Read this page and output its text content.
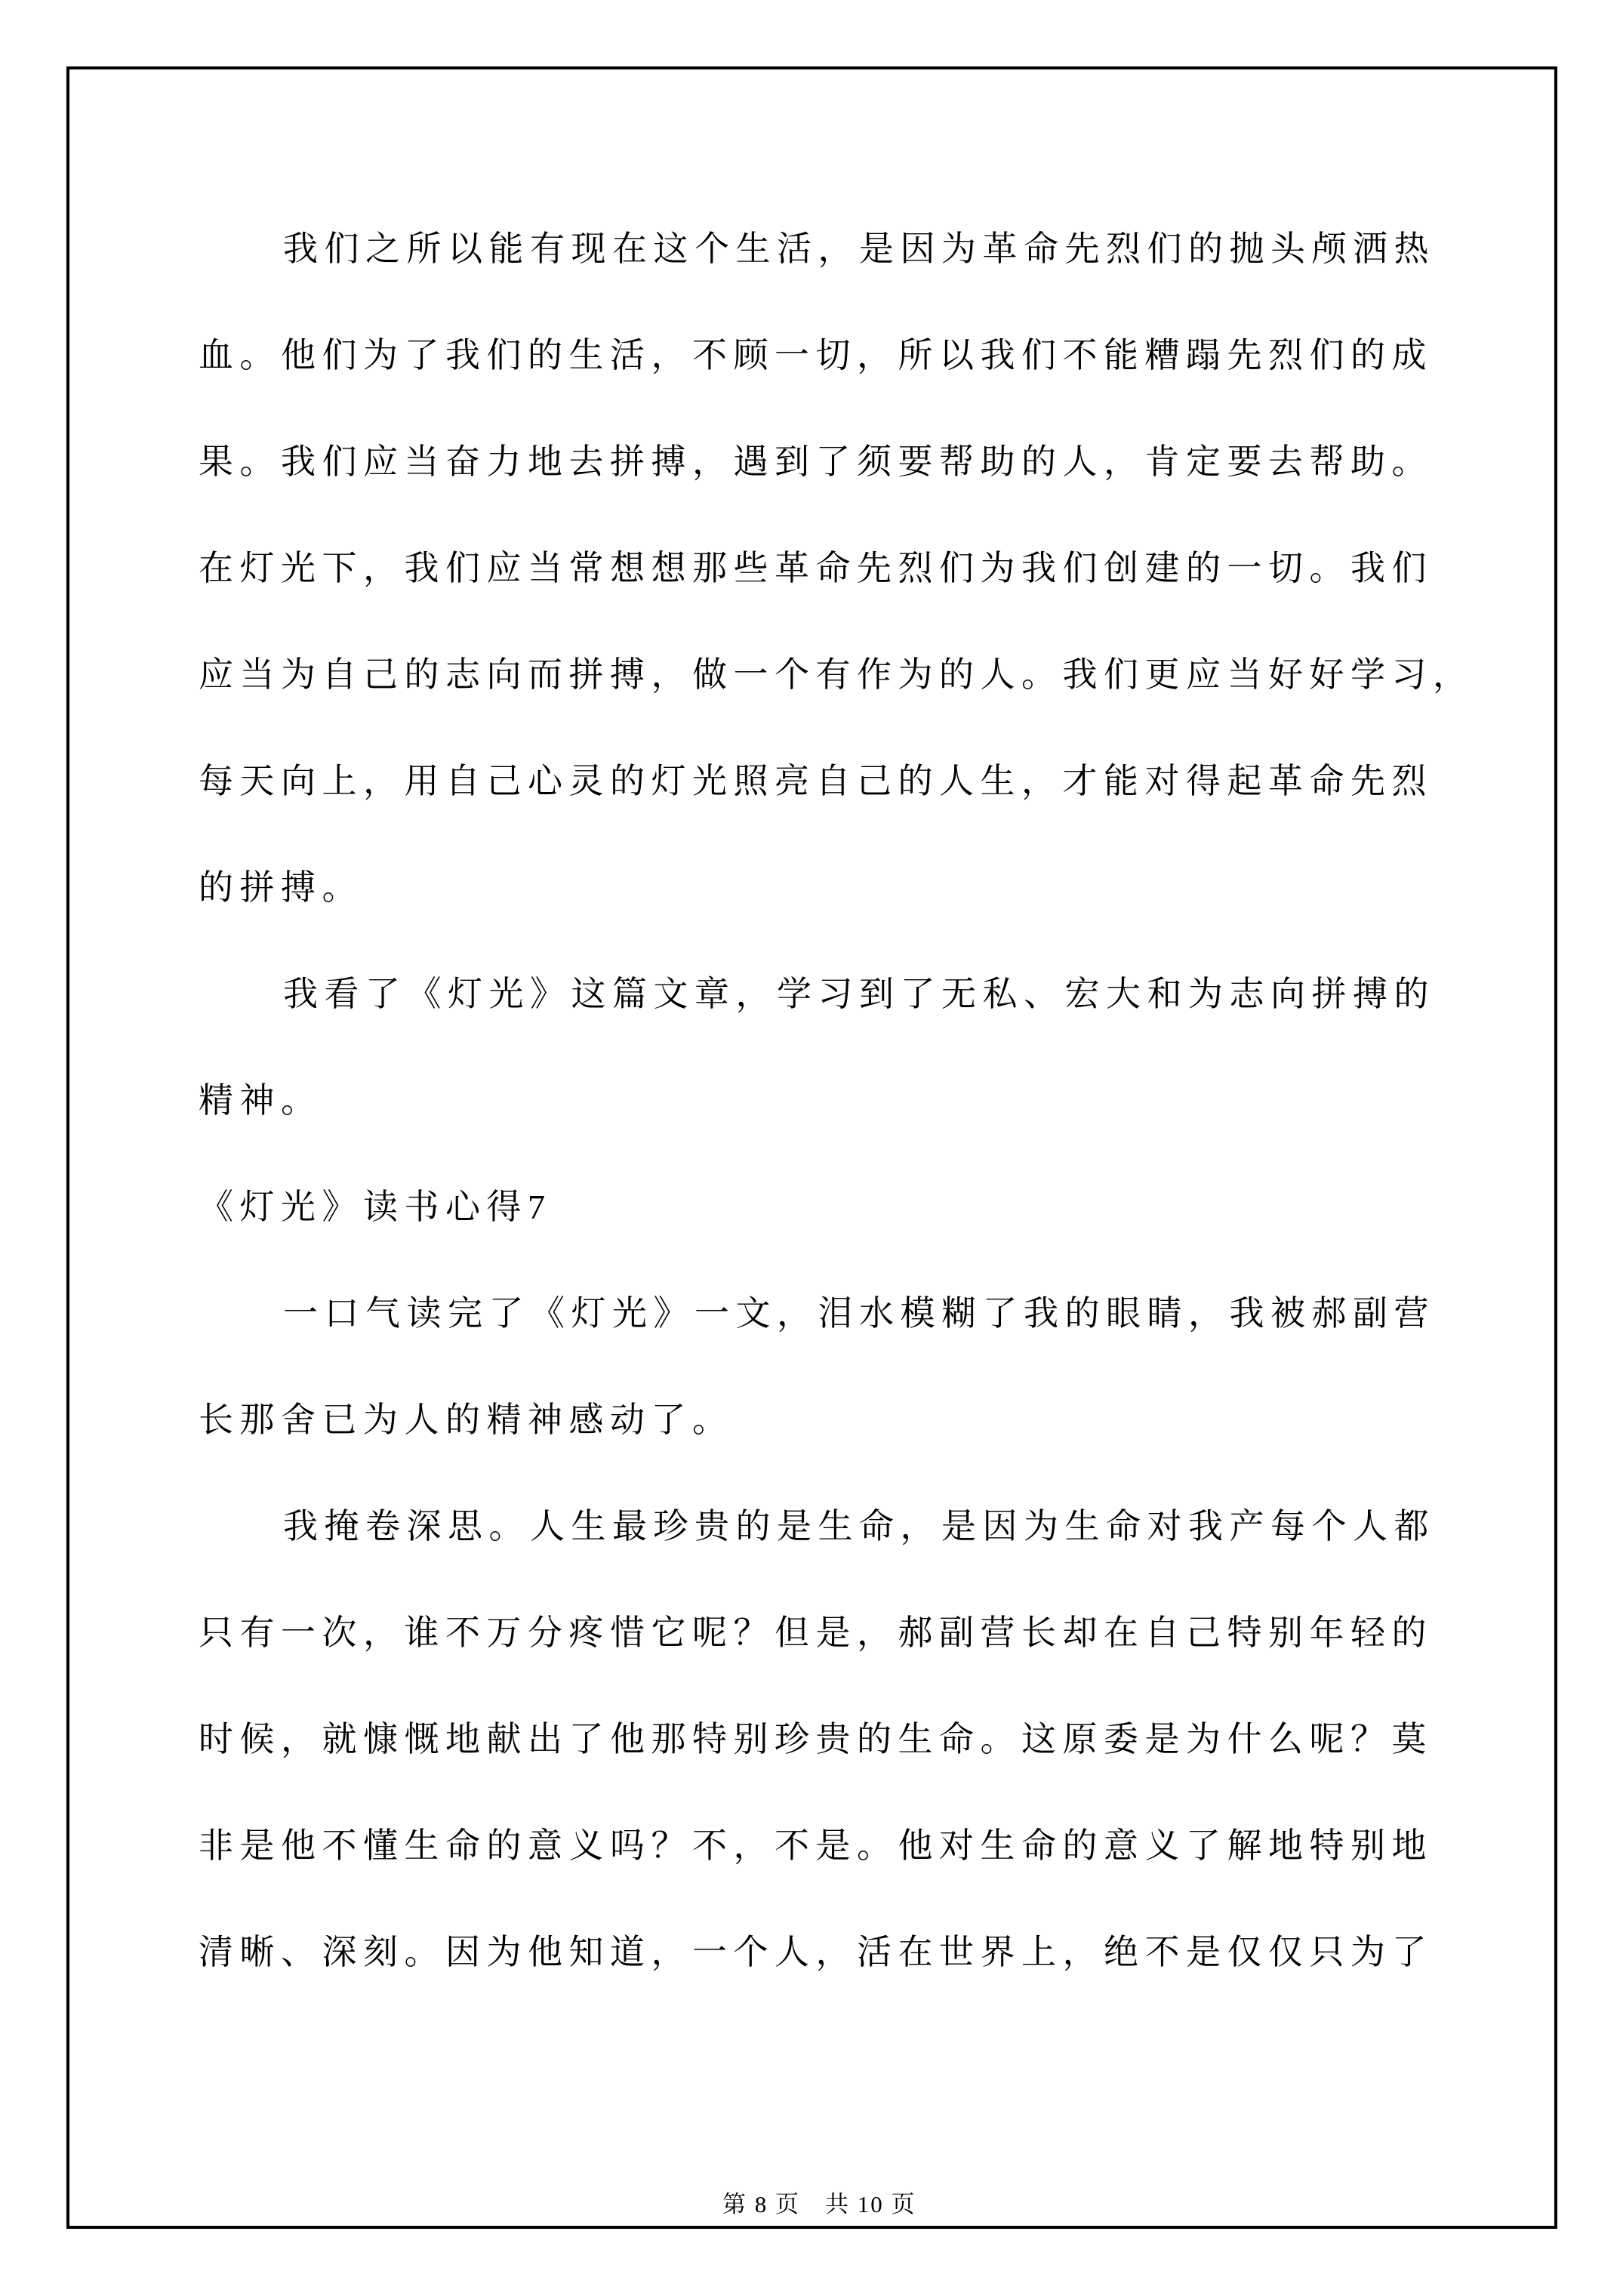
我们之所以能有现在这个生活，是因为革命先烈们的抛头颅洒热
血。他们为了我们的生活，不顾一切，所以我们不能糟蹋先烈们的成
果。我们应当奋力地去拼搏，遇到了须要帮助的人，肯定要去帮助。
在灯光下，我们应当常想想那些革命先烈们为我们创建的一切。我们
应当为自己的志向而拼搏，做一个有作为的人。我们更应当好好学习，
每天向上，用自己心灵的灯光照亮自己的人生，才能对得起革命先烈
的拼搏。
我看了《灯光》这篇文章，学习到了无私、宏大和为志向拼搏的
精神。
《灯光》读书心得7
一口气读完了《灯光》一文，泪水模糊了我的眼睛，我被郝副营
长那舍已为人的精神感动了。
我掩卷深思。人生最珍贵的是生命，是因为生命对我产每个人都
只有一次，谁不万分疼惜它呢？但是，郝副营长却在自己特别年轻的
时候，就慷慨地献出了他那特别珍贵的生命。这原委是为什么呢？莫
非是他不懂生命的意义吗？不，不是。他对生命的意义了解地特别地
清晰、深刻。因为他知道，一个人，活在世界上，绝不是仅仅只为了

第 8 页　共 10 页
